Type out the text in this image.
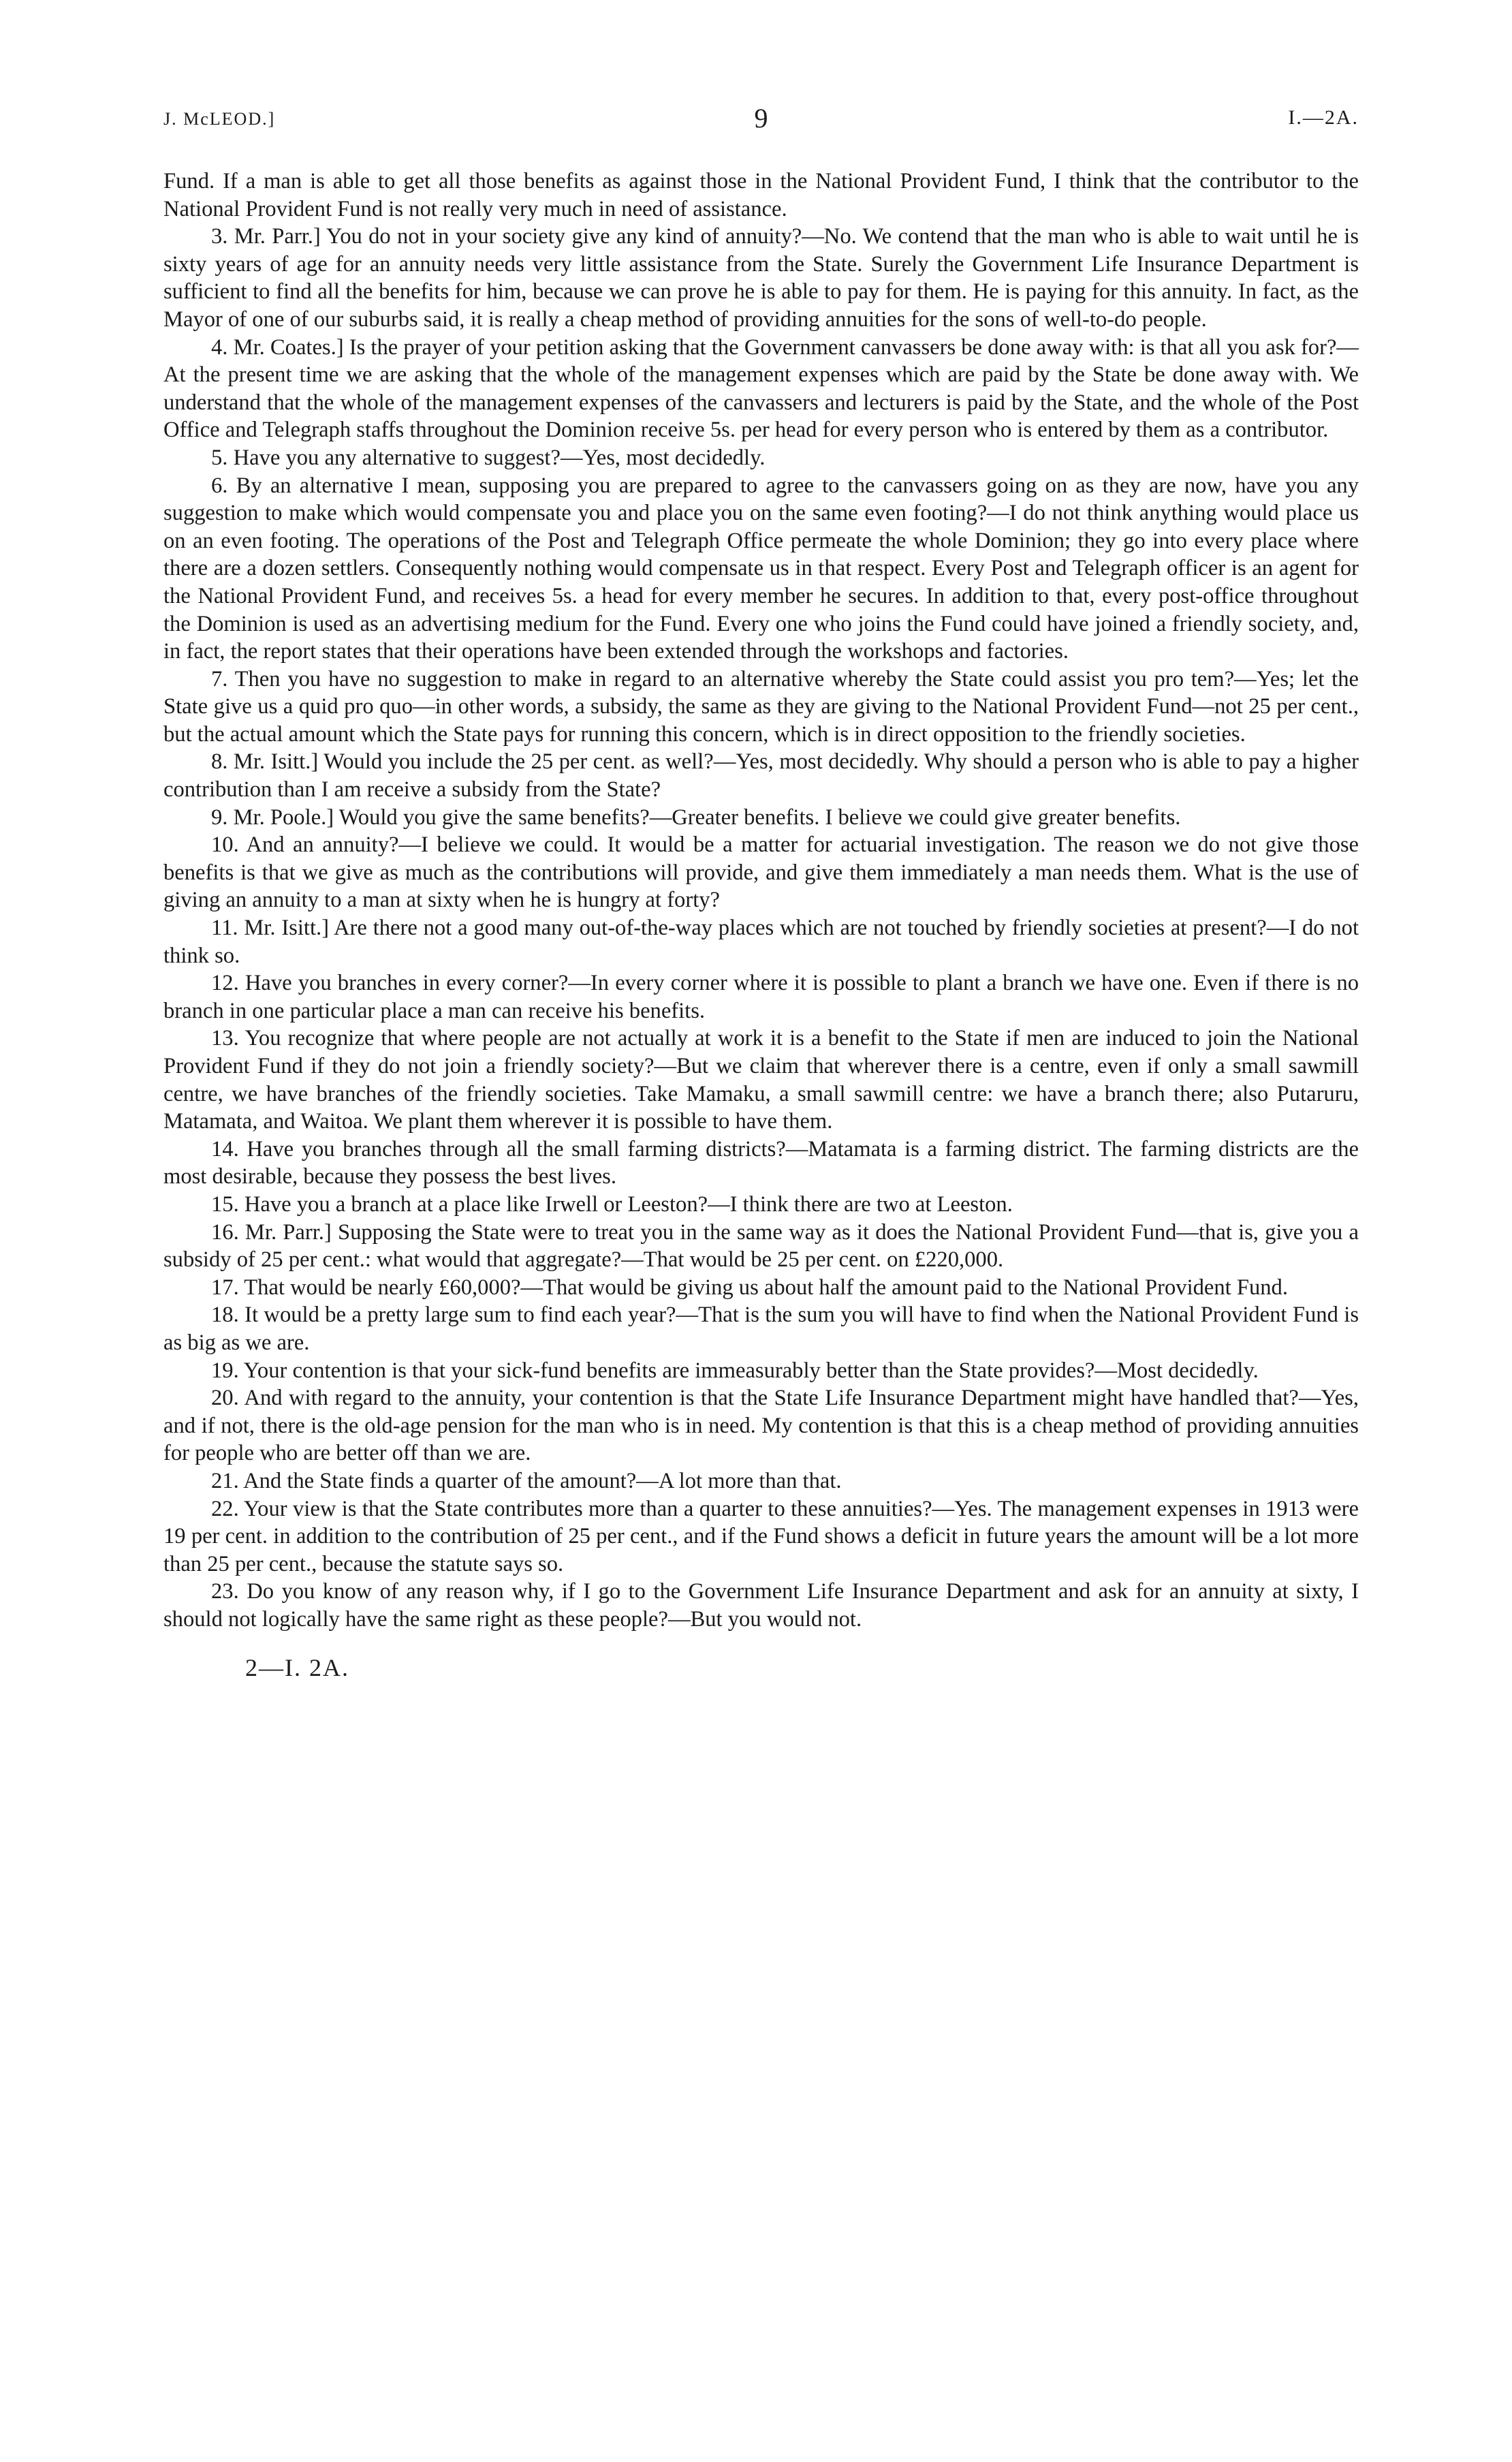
J. McLEOD.]	9	I.—2A.

Fund. If a man is able to get all those benefits as against those in the National Provident Fund, I think that the contributor to the National Provident Fund is not really very much in need of assistance.

3. Mr. Parr.] You do not in your society give any kind of annuity?—No. We contend that the man who is able to wait until he is sixty years of age for an annuity needs very little assistance from the State. Surely the Government Life Insurance Department is sufficient to find all the benefits for him, because we can prove he is able to pay for them. He is paying for this annuity. In fact, as the Mayor of one of our suburbs said, it is really a cheap method of providing annuities for the sons of well-to-do people.

4. Mr. Coates.] Is the prayer of your petition asking that the Government canvassers be done away with: is that all you ask for?—At the present time we are asking that the whole of the management expenses which are paid by the State be done away with. We understand that the whole of the management expenses of the canvassers and lecturers is paid by the State, and the whole of the Post Office and Telegraph staffs throughout the Dominion receive 5s. per head for every person who is entered by them as a contributor.

5. Have you any alternative to suggest?—Yes, most decidedly.

6. By an alternative I mean, supposing you are prepared to agree to the canvassers going on as they are now, have you any suggestion to make which would compensate you and place you on the same even footing?—I do not think anything would place us on an even footing. The operations of the Post and Telegraph Office permeate the whole Dominion; they go into every place where there are a dozen settlers. Consequently nothing would compensate us in that respect. Every Post and Telegraph officer is an agent for the National Provident Fund, and receives 5s. a head for every member he secures. In addition to that, every post-office throughout the Dominion is used as an advertising medium for the Fund. Every one who joins the Fund could have joined a friendly society, and, in fact, the report states that their operations have been extended through the workshops and factories.

7. Then you have no suggestion to make in regard to an alternative whereby the State could assist you pro tem?—Yes; let the State give us a quid pro quo—in other words, a subsidy, the same as they are giving to the National Provident Fund—not 25 per cent., but the actual amount which the State pays for running this concern, which is in direct opposition to the friendly societies.

8. Mr. Isitt.] Would you include the 25 per cent. as well?—Yes, most decidedly. Why should a person who is able to pay a higher contribution than I am receive a subsidy from the State?

9. Mr. Poole.] Would you give the same benefits?—Greater benefits. I believe we could give greater benefits.

10. And an annuity?—I believe we could. It would be a matter for actuarial investigation. The reason we do not give those benefits is that we give as much as the contributions will provide, and give them immediately a man needs them. What is the use of giving an annuity to a man at sixty when he is hungry at forty?

11. Mr. Isitt.] Are there not a good many out-of-the-way places which are not touched by friendly societies at present?—I do not think so.

12. Have you branches in every corner?—In every corner where it is possible to plant a branch we have one. Even if there is no branch in one particular place a man can receive his benefits.

13. You recognize that where people are not actually at work it is a benefit to the State if men are induced to join the National Provident Fund if they do not join a friendly society?—But we claim that wherever there is a centre, even if only a small sawmill centre, we have branches of the friendly societies. Take Mamaku, a small sawmill centre: we have a branch there; also Putaruru, Matamata, and Waitoa. We plant them wherever it is possible to have them.

14. Have you branches through all the small farming districts?—Matamata is a farming district. The farming districts are the most desirable, because they possess the best lives.

15. Have you a branch at a place like Irwell or Leeston?—I think there are two at Leeston.

16. Mr. Parr.] Supposing the State were to treat you in the same way as it does the National Provident Fund—that is, give you a subsidy of 25 per cent.: what would that aggregate?—That would be 25 per cent. on £220,000.

17. That would be nearly £60,000?—That would be giving us about half the amount paid to the National Provident Fund.

18. It would be a pretty large sum to find each year?—That is the sum you will have to find when the National Provident Fund is as big as we are.

19. Your contention is that your sick-fund benefits are immeasurably better than the State provides?—Most decidedly.

20. And with regard to the annuity, your contention is that the State Life Insurance Department might have handled that?—Yes, and if not, there is the old-age pension for the man who is in need. My contention is that this is a cheap method of providing annuities for people who are better off than we are.

21. And the State finds a quarter of the amount?—A lot more than that.

22. Your view is that the State contributes more than a quarter to these annuities?—Yes. The management expenses in 1913 were 19 per cent. in addition to the contribution of 25 per cent., and if the Fund shows a deficit in future years the amount will be a lot more than 25 per cent., because the statute says so.

23. Do you know of any reason why, if I go to the Government Life Insurance Department and ask for an annuity at sixty, I should not logically have the same right as these people?—But you would not.

2—I. 2A.
